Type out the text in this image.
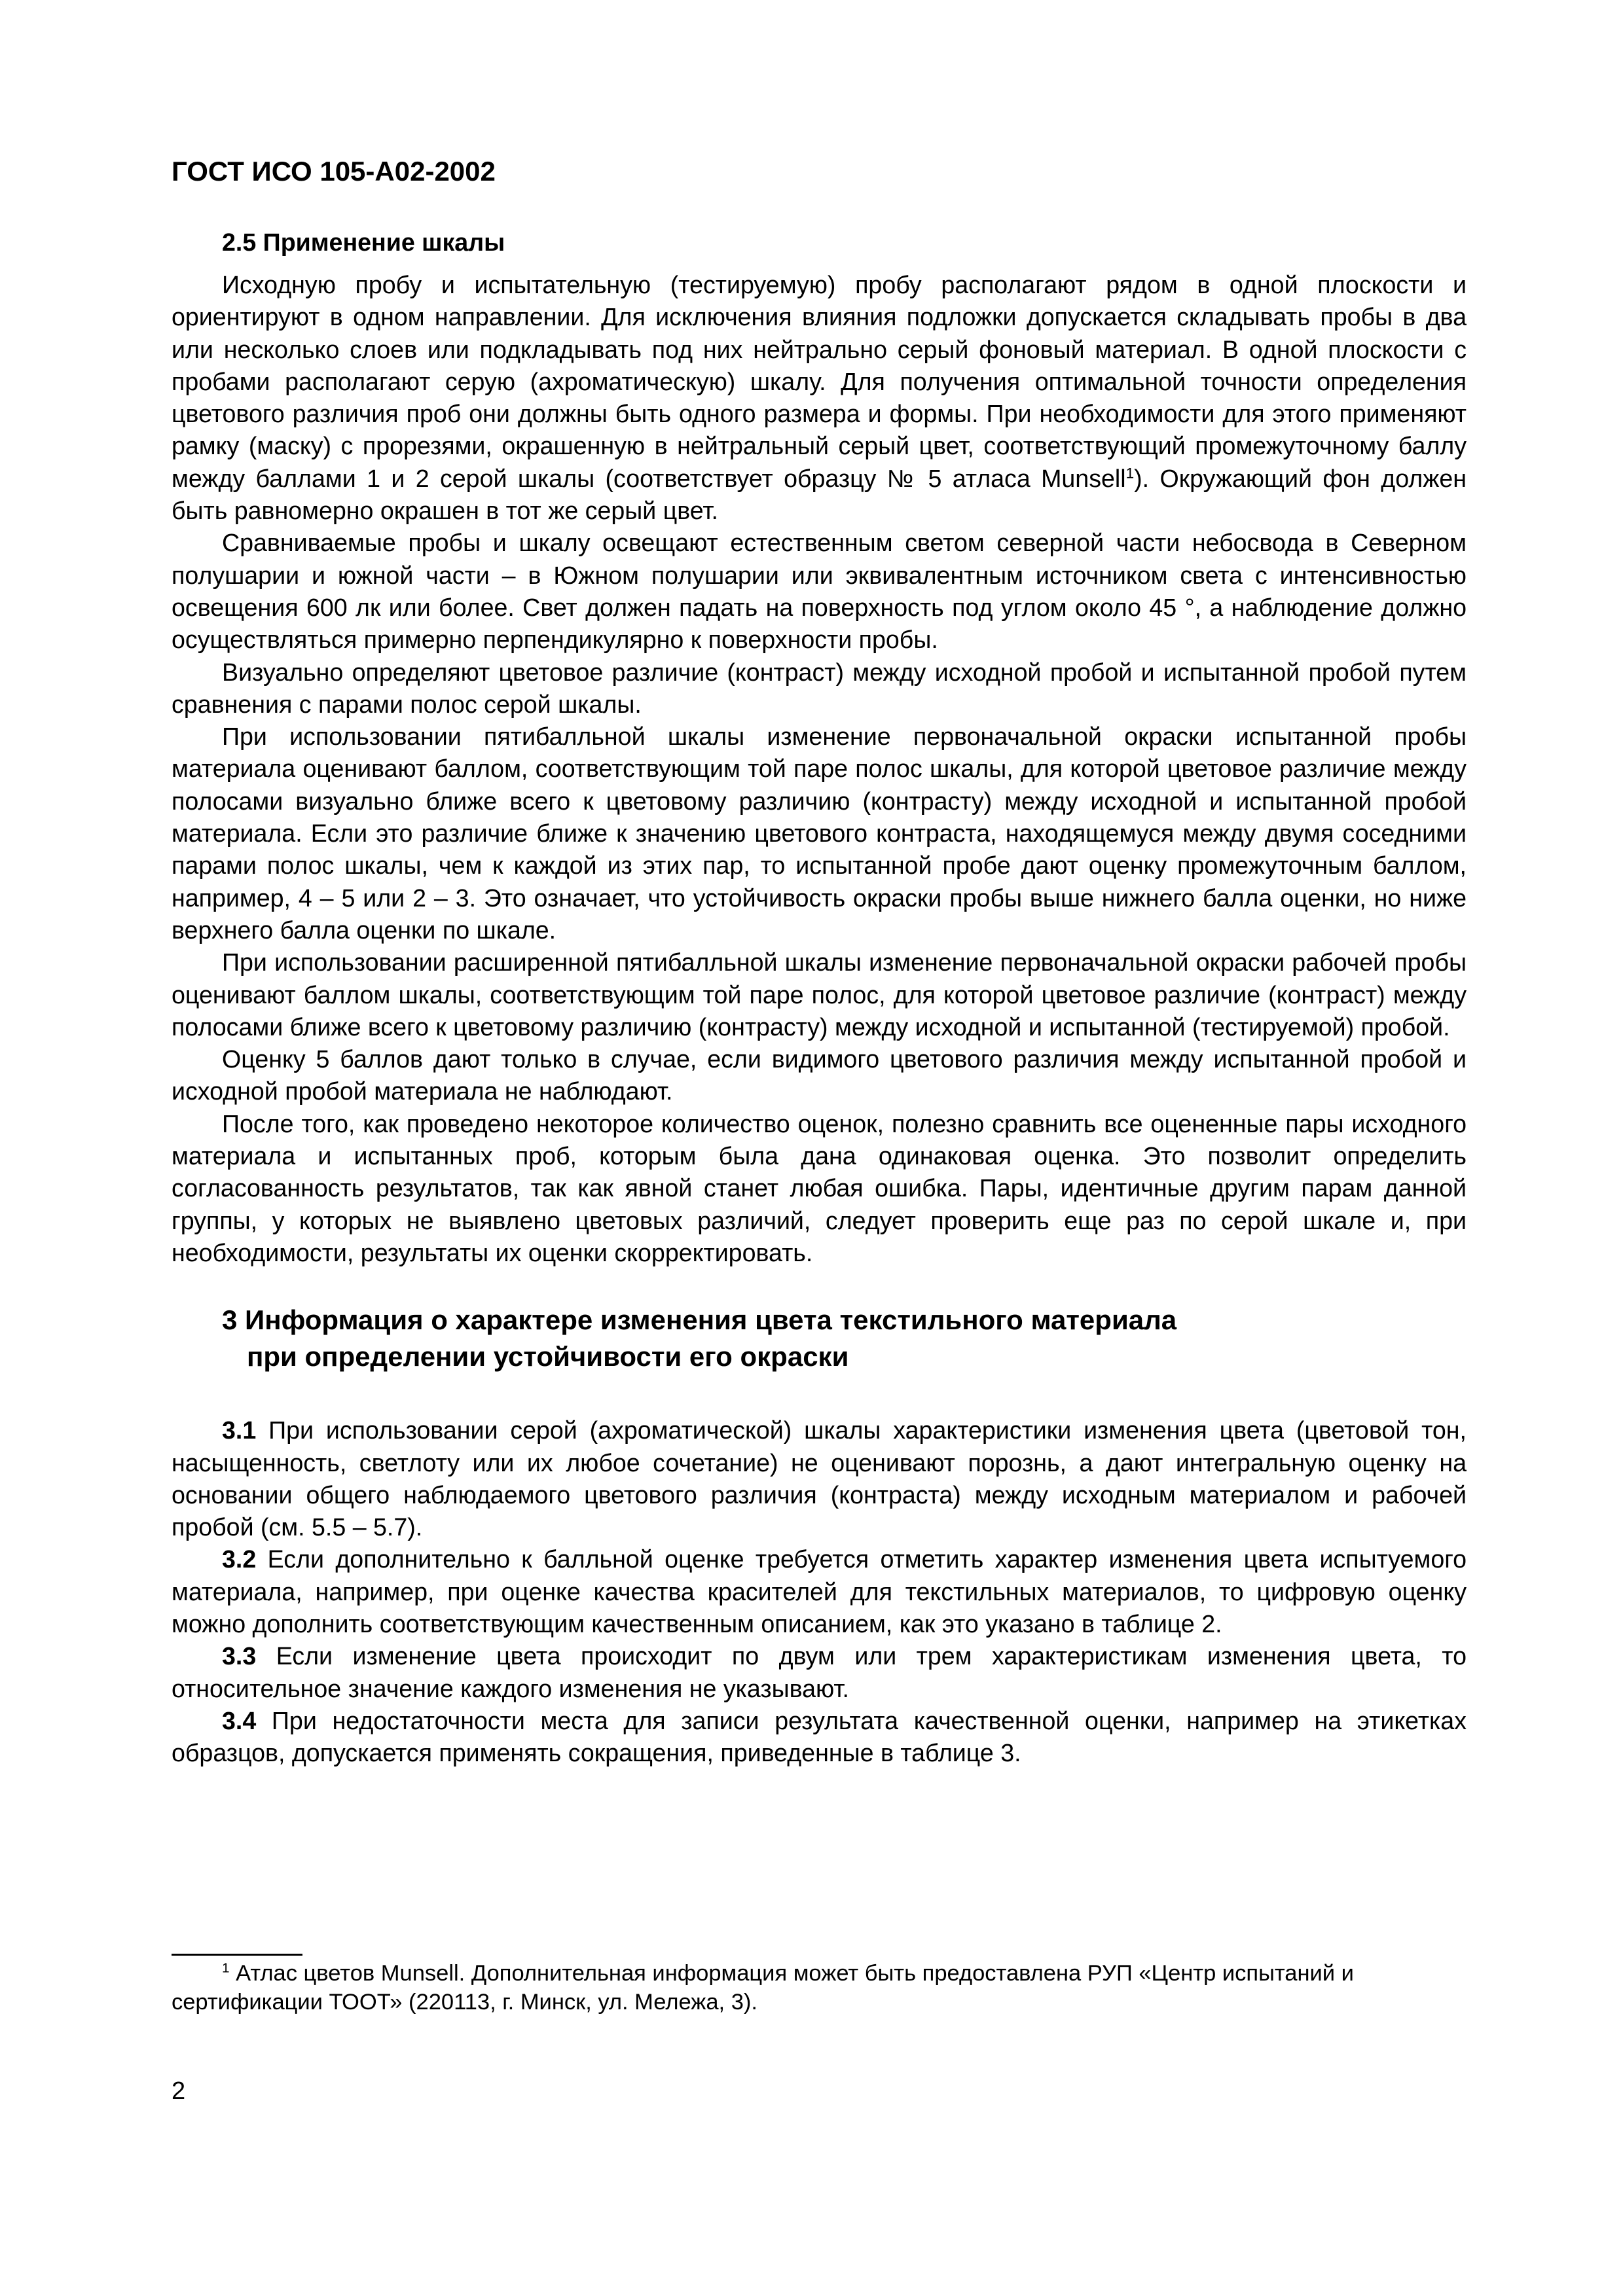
ГОСТ ИСО 105-А02-2002
2.5 Применение шкалы

Исходную пробу и испытательную (тестируемую) пробу располагают рядом в одной плоскости и ориентируют в одном направлении. Для исключения влияния подложки допускается складывать пробы в два или несколько слоев или подкладывать под них нейтрально серый фоновый материал. В одной плоскости с пробами располагают серую (ахроматическую) шкалу. Для получения оптимальной точности определения цветового различия проб они должны быть одного размера и формы. При необходимости для этого применяют рамку (маску) с прорезями, окрашенную в нейтральный серый цвет, соответствующий промежуточному баллу между баллами 1 и 2 серой шкалы (соответствует образцу № 5 атласа Munsell$^1$). Окружающий фон должен быть равномерно окрашен в тот же серый цвет.

Сравниваемые пробы и шкалу освещают естественным светом северной части небосвода в Северном полушарии и южной части – в Южном полушарии или эквивалентным источником света с интенсивностью освещения 600 лк или более. Свет должен падать на поверхность под углом около 45 °, а наблюдение должно осуществляться примерно перпендикулярно к поверхности пробы.

Визуально определяют цветовое различие (контраст) между исходной пробой и испытанной пробой путем сравнения с парами полос серой шкалы.

При использовании пятибалльной шкалы изменение первоначальной окраски испытанной пробы материала оценивают баллом, соответствующим той паре полос шкалы, для которой цветовое различие между полосами визуально ближе всего к цветовому различию (контрасту) между исходной и испытанной пробой материала. Если это различие ближе к значению цветового контраста, находящемуся между двумя соседними парами полос шкалы, чем к каждой из этих пар, то испытанной пробе дают оценку промежуточным баллом, например, 4 – 5 или 2 – 3. Это означает, что устойчивость окраски пробы выше нижнего балла оценки, но ниже верхнего балла оценки по шкале.

При использовании расширенной пятибалльной шкалы изменение первоначальной окраски рабочей пробы оценивают баллом шкалы, соответствующим той паре полос, для которой цветовое различие (контраст) между полосами ближе всего к цветовому различию (контрасту) между исходной и испытанной (тестируемой) пробой.

Оценку 5 баллов дают только в случае, если видимого цветового различия между испытанной пробой и исходной пробой материала не наблюдают.

После того, как проведено некоторое количество оценок, полезно сравнить все оцененные пары исходного материала и испытанных проб, которым была дана одинаковая оценка. Это позволит определить согласованность результатов, так как явной станет любая ошибка. Пары, идентичные другим парам данной группы, у которых не выявлено цветовых различий, следует проверить еще раз по серой шкале и, при необходимости, результаты их оценки скорректировать.

3 Информация о характере изменения цвета текстильного материала
при определении устойчивости его окраски

3.1 При использовании серой (ахроматической) шкалы характеристики изменения цвета (цветовой тон, насыщенность, светлоту или их любое сочетание) не оценивают порознь, а дают интегральную оценку на основании общего наблюдаемого цветового различия (контраста) между исходным материалом и рабочей пробой (см. 5.5 – 5.7).

3.2 Если дополнительно к балльной оценке требуется отметить характер изменения цвета испытуемого материала, например, при оценке качества красителей для текстильных материалов, то цифровую оценку можно дополнить соответствующим качественным описанием, как это указано в таблице 2.

3.3 Если изменение цвета происходит по двум или трем характеристикам изменения цвета, то относительное значение каждого изменения не указывают.

3.4 При недостаточности места для записи результата качественной оценки, например на этикетках образцов, допускается применять сокращения, приведенные в таблице 3.

$^1$ Атлас цветов Munsell. Дополнительная информация может быть предоставлена РУП «Центр испытаний и сертификации ТООТ» (220113, г. Минск, ул. Мележа, 3).

2
